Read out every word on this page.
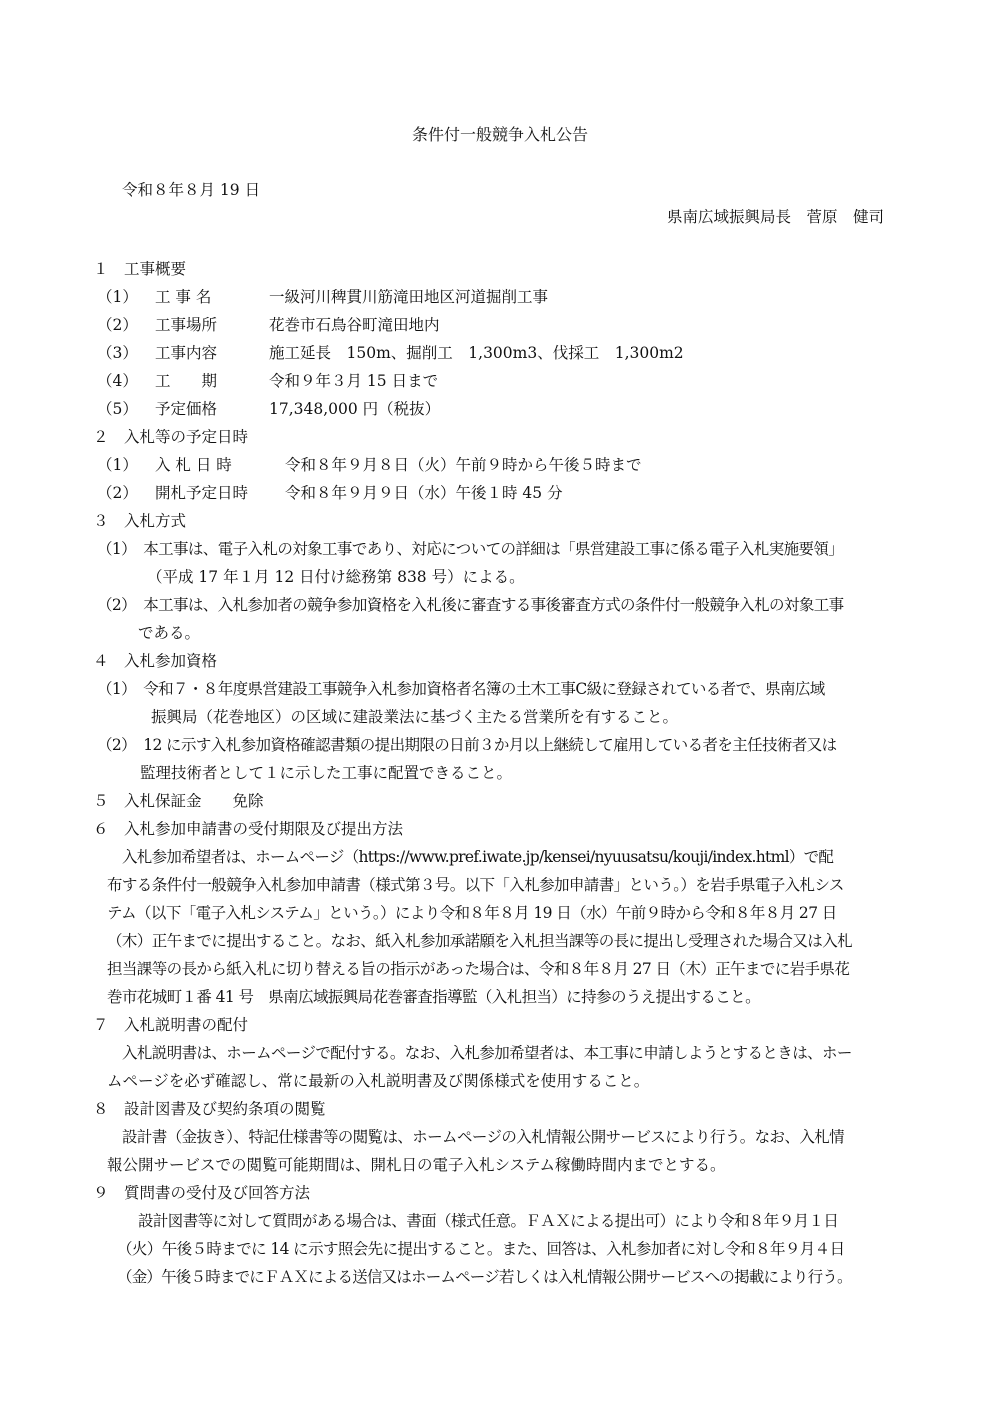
条件付一般競争入札公告
令和８年８月 19 日
県南広域振興局長　菅原　健司
１　工事概要
（1） 工 事 名	一級河川稗貫川筋滝田地区河道掘削工事
（2） 工事場所	花巻市石鳥谷町滝田地内
（3） 工事内容	施工延長　150m、掘削工　1,300m3、伐採工　1,300m2
（4） 工　　期	令和９年３月 15 日まで
（5） 予定価格	17,348,000 円（税抜）
２　入札等の予定日時
（1） 入 札 日 時	令和８年９月８日（火）午前９時から午後５時まで
（2） 開札予定日時 令和８年９月９日（水）午後１時 45 分
３　入札方式
（1）　本工事は、電子入札の対象工事であり、対応についての詳細は「県営建設工事に係る電子入札実施要領」
（平成 17 年１月 12 日付け総務第 838 号）による。
（2）　本工事は、入札参加者の競争参加資格を入札後に審査する事後審査方式の条件付一般競争入札の対象工事
である。
４　入札参加資格
（1）　令和７・８年度県営建設工事競争入札参加資格者名簿の土木工事C級に登録されている者で、県南広域
振興局（花巻地区）の区域に建設業法に基づく主たる営業所を有すること。
（2）　12 に示す入札参加資格確認書類の提出期限の日前３か月以上継続して雇用している者を主任技術者又は
監理技術者として１に示した工事に配置できること。
５　入札保証金　　免除
６　入札参加申請書の受付期限及び提出方法
入札参加希望者は、ホームページ（https://www.pref.iwate.jp/kensei/nyuusatsu/kouji/index.html）で配
布する条件付一般競争入札参加申請書（様式第３号。以下「入札参加申請書」という。）を岩手県電子入札シス
テム（以下「電子入札システム」という。）により令和８年８月 19 日（水）午前９時から令和８年８月 27 日
（木）正午までに提出すること。なお、紙入札参加承諾願を入札担当課等の長に提出し受理された場合又は入札
担当課等の長から紙入札に切り替える旨の指示があった場合は、令和８年８月 27 日（木）正午までに岩手県花
巻市花城町１番 41 号　県南広域振興局花巻審査指導監（入札担当）に持参のうえ提出すること。
７　入札説明書の配付
入札説明書は、ホームページで配付する。なお、入札参加希望者は、本工事に申請しようとするときは、ホー
ムページを必ず確認し、常に最新の入札説明書及び関係様式を使用すること。
８　設計図書及び契約条項の閲覧
設計書（金抜き）、特記仕様書等の閲覧は、ホームページの入札情報公開サービスにより行う。なお、入札情
報公開サービスでの閲覧可能期間は、開札日の電子入札システム稼働時間内までとする。
９　質問書の受付及び回答方法
設計図書等に対して質問がある場合は、書面（様式任意。ＦＡＸによる提出可）により令和８年９月１日
（火）午後５時までに 14 に示す照会先に提出すること。また、回答は、入札参加者に対し令和８年９月４日
（金）午後５時までにＦＡＸによる送信又はホームページ若しくは入札情報公開サービスへの掲載により行う。
